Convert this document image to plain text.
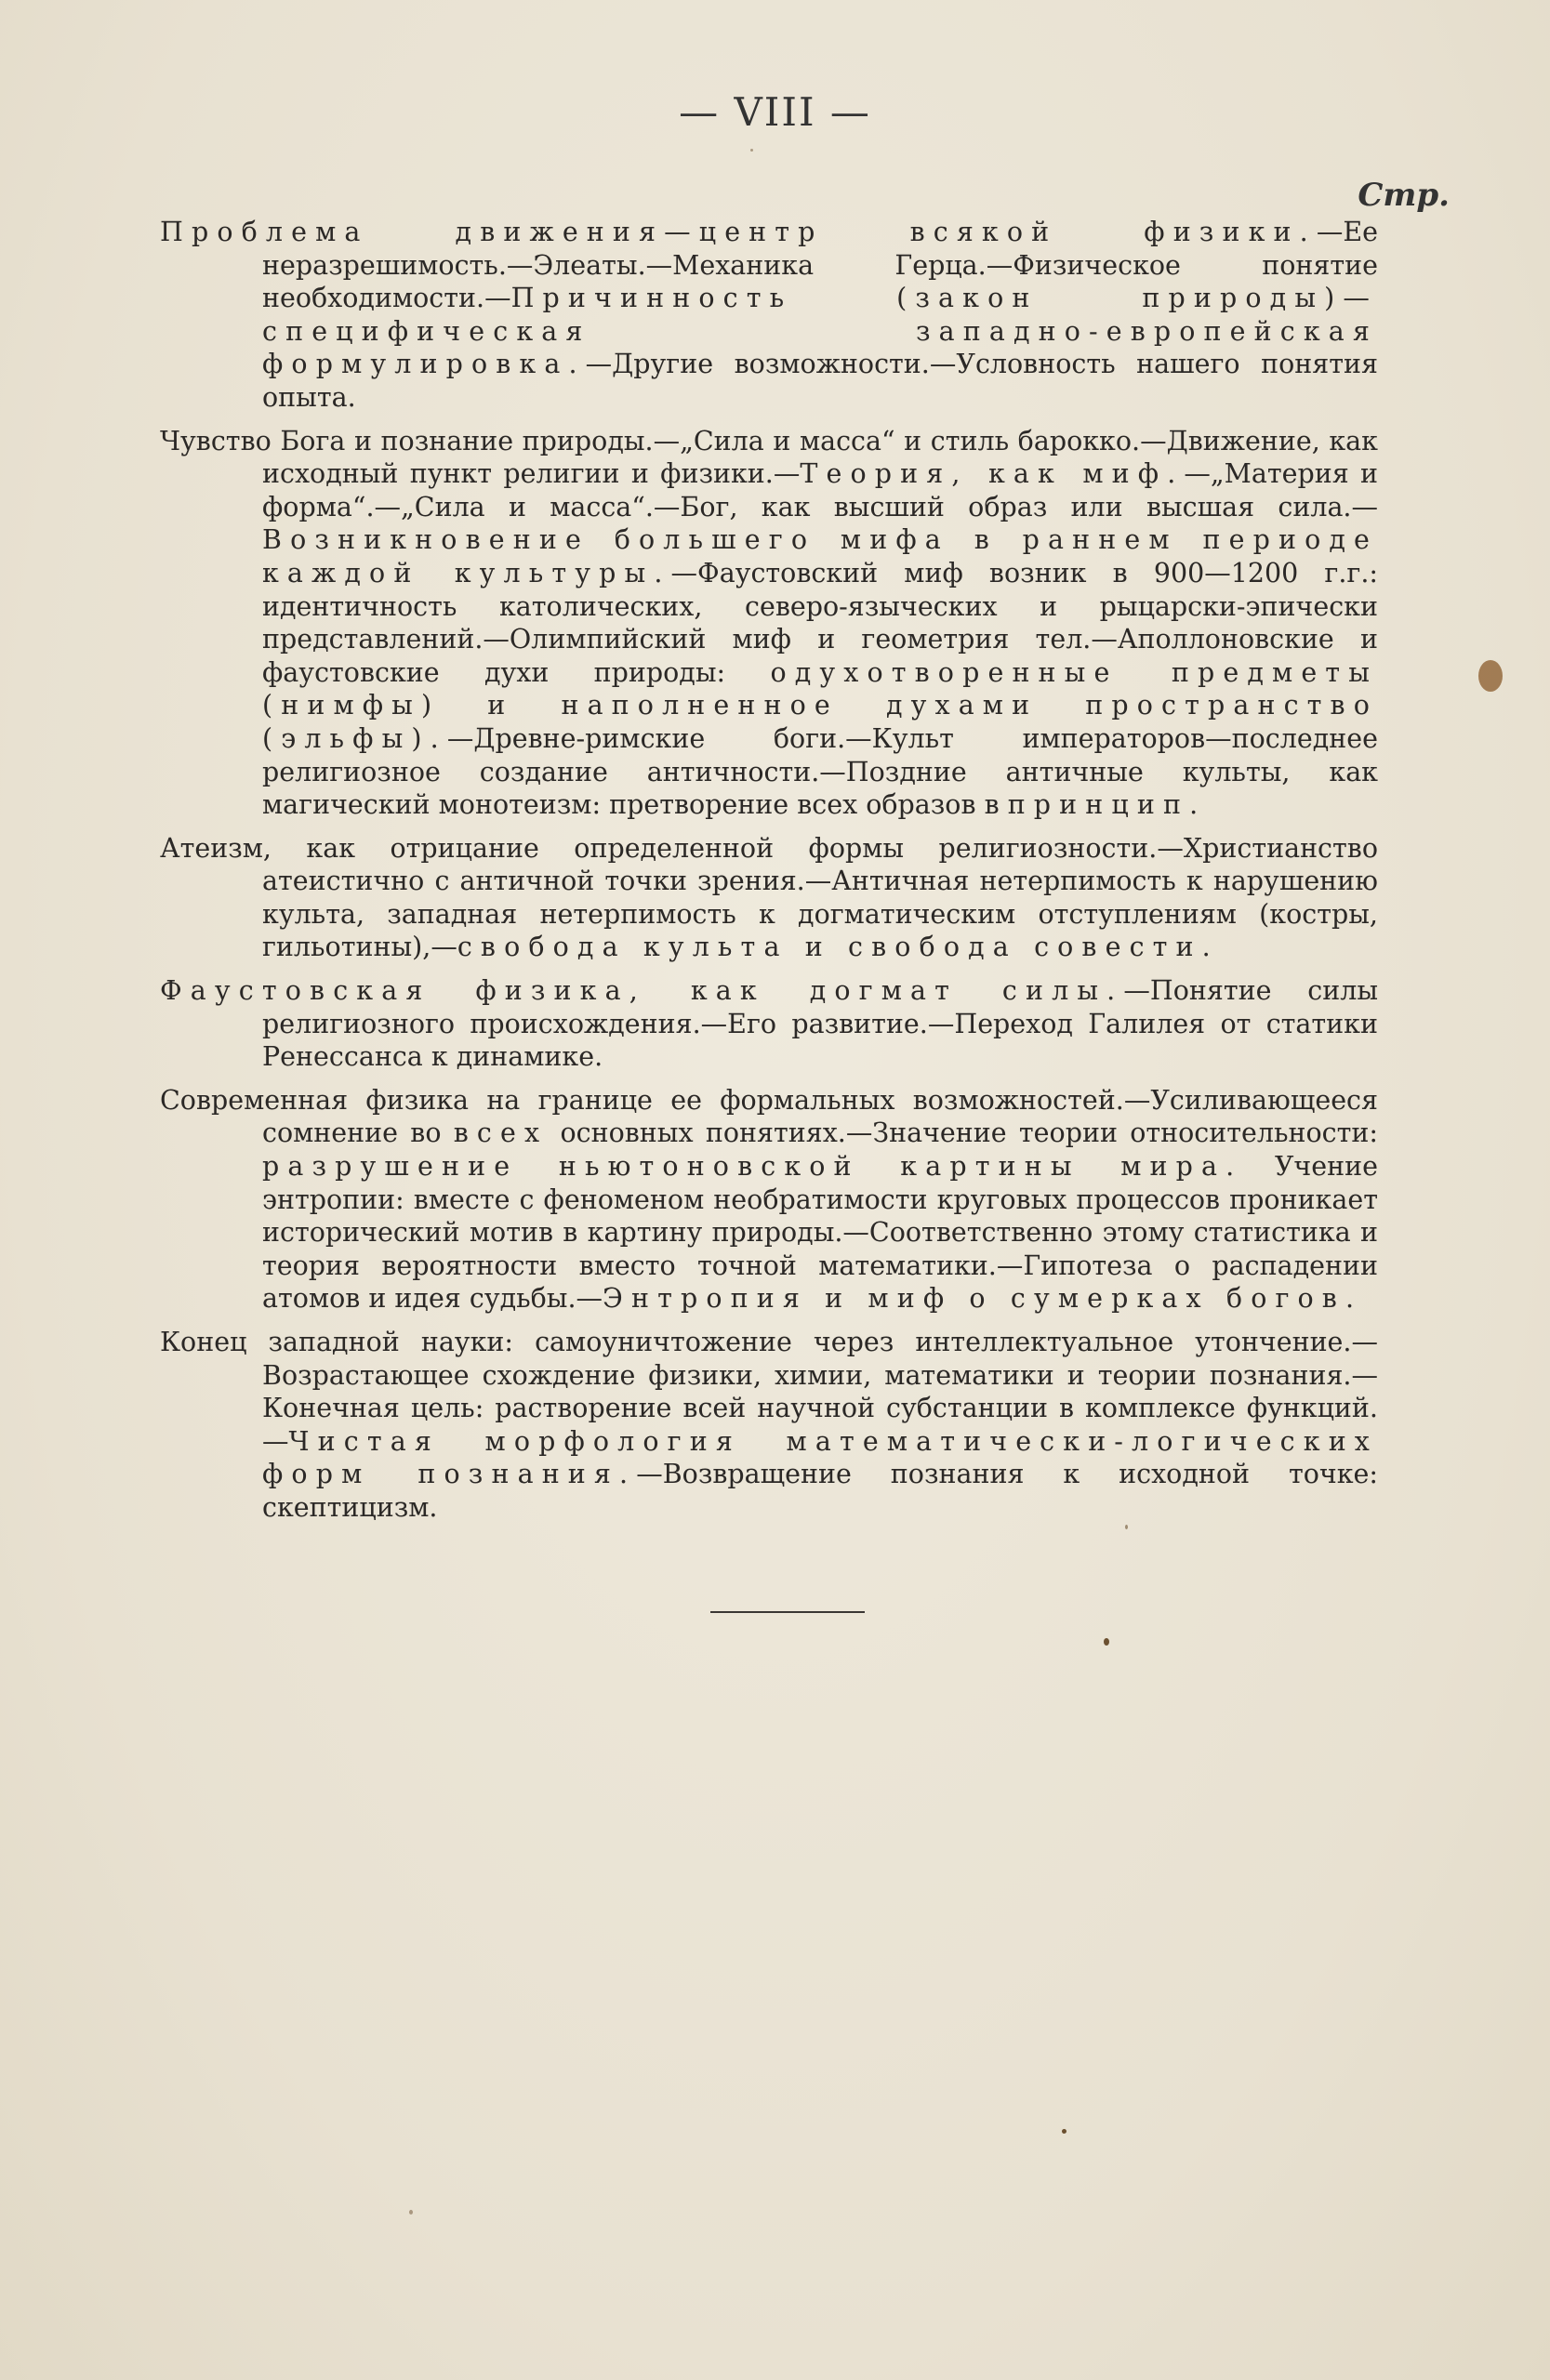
— VIII —
Стр.

Проблема движения—центр всякой физики.—Ее неразрешимость.—Элеаты.—Механика Герца.—Физическое понятие необходимости.—Причинность (закон природы)—специфическая западно-европейская формулировка.—Другие возможности.—Условность нашего понятия опыта.

Чувство Бога и познание природы.—„Сила и масса“ и стиль барокко.—Движение, как исходный пункт религии и физики.—Теория, как миф.—„Материя и форма“.—„Сила и масса“.—Бог, как высший образ или высшая сила.—Возникновение большего мифа в раннем периоде каждой культуры.—Фаустовский миф возник в 900—1200 г.г.: идентичность католических, северо-языческих и рыцарски-эпически представлений.—Олимпийский миф и геометрия тел.—Аполлоновские и фаустовские духи природы: одухотворенные предметы (нимфы) и наполненное духами пространство (эльфы).—Древне-римские боги.—Культ императоров—последнее религиозное создание античности.—Поздние античные культы, как магический монотеизм: претворение всех образов в принцип.

Атеизм, как отрицание определенной формы религиозности.—Христианство атеистично с античной точки зрения.—Античная нетерпимость к нарушению культа, западная нетерпимость к догматическим отступлениям (костры, гильотины),—свобода культа и свобода совести.

Фаустовская физика, как догмат силы.—Понятие силы религиозного происхождения.—Его развитие.—Переход Галилея от статики Ренессанса к динамике.

Современная физика на границе ее формальных возможностей.—Усиливающееся сомнение во всех основных понятиях.—Значение теории относительности: разрушение ньютоновской картины мира. Учение энтропии: вместе с феноменом необратимости круговых процессов проникает исторический мотив в картину природы.—Соответственно этому статистика и теория вероятности вместо точной математики.—Гипотеза о распадении атомов и идея судьбы.—Энтропия и миф о сумерках богов.

Конец западной науки: самоуничтожение через интеллектуальное утончение.—Возрастающее схождение физики, химии, математики и теории познания.—Конечная цель: растворение всей научной субстанции в комплексе функций.—Чистая морфология математически-логических форм познания.—Возвращение познания к исходной точке: скептицизм.
